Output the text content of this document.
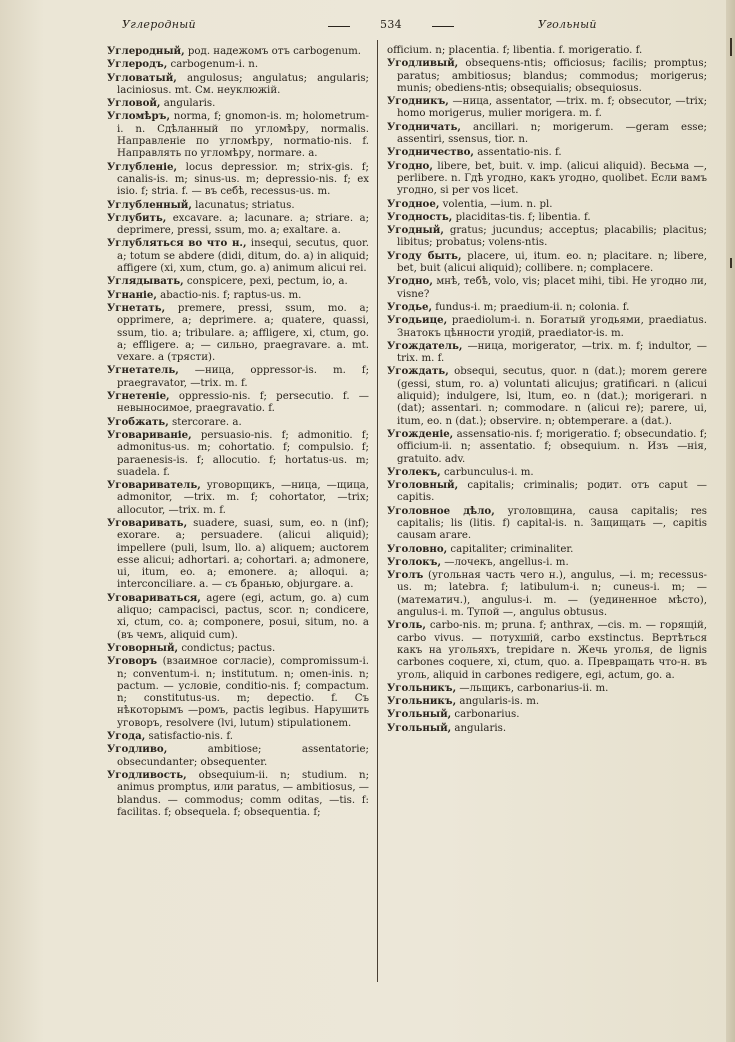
Углеродный	534	Угольный
Углеродный, род. надежомъ отъ carbogenum.
Углеродъ, carbogenum-i. n.
Угловатый, angulosus; angulatus; angularis; laciniosus. mt. См. неуклюжій.
Угловой, angularis.
Угломѣръ, norma, f; gnomon-is. m; holometrum-i. n. Сдѣланный по угломѣру, normalis. Направленіе по угломѣру, normatio-nis. f. Направлять по угломѣру, normare. a.
Углубленіе, locus depressior. m; strix-gis. f; canalis-is. m; sinus-us. m; depressio-nis. f; ex isio. f; stria. f. — въ себѣ, recessus-us. m.
Углубленный, lacunatus; striatus.
Углубить, excavare. a; lacunare. a; striare. a; deprimere, pressi, ssum, mo. a; exaltare. a.
Углубляться во что н., insequi, secutus, quor. a; totum se abdere (didi, ditum, do. a) in aliquid; affigere (xi, xum, ctum, go. a) animum alicui rei.
Углядывать, conspicere, pexi, pectum, io, a.
Угнаніе, abactio-nis. f; raptus-us. m.
Угнетать, premere, pressi, ssum, mo. a; opprimere, a; deprimere. a; quatere, quassi, ssum, tio. a; tribulare. a; affligere, xi, ctum, go. a; effligere. a; — сильно, praegravare. a. mt. vexare. a (трясти).
Угнетатель, —ница, oppressor-is. m. f; praegravator, —trix. m. f.
Угнетеніе, oppressio-nis. f; persecutio. f. — невыносимое, praegravatio. f.
Угобжать, stercorare. a.
Уговариваніе, persuasio-nis. f; admonitio. f; admonitus-us. m; cohortatio. f; compulsio. f; paraenesis-is. f; allocutio. f; hortatus-us. m; suadela. f.
Уговариватель, уговорщикъ, —ница, —щица, admonitor, —trix. m. f; cohortator, —trix; allocutor, —trix. m. f.
Уговаривать, suadere, suasi, sum, eo. n (inf); exorare. a; persuadere. (alicui aliquid); impellere (puli, lsum, llo. a) aliquem; auctorem esse alicui; adhortari. a; cohortari. a; admonere, ui, itum, eo. a; emonere. a; alloqui. a; interconciliare. a. — съ бранью, objurgare. a.
Уговариваться, agere (egi, actum, go. a) cum aliquo; campaciscі, pactus, scor. n; condicere, xi, ctum, co. a; componere, posui, situm, no. a (въ чемъ, aliquid cum).
Уговорный, condictus; pactus.
Уговоръ (взаимное согласіе), compromissum-i. n; conventum-i. n; institutum. n; omen-inis. n; pactum. — условіе, conditio-nis. f; compactum. n; constitutus-us. m; depectio. f. Съ нѣкоторымъ —ромъ, pactis legibus. Нарушить уговоръ, resolvere (lvi, lutum) stipulationem.
Угода, satisfactio-nis. f.
Угодливо, ambitiose; assentatorie; obsecundanter; obsequenter.
Угодливость, obsequium-ii. n; studium. n; animus promptus, или paratus, — ambitiosus, — blandus. — commodus; comm oditas, —tis. f: facilitas. f; obsequela. f; obsequentia. f;
officium. n; placentia. f; libentia. f. morigeratio. f.
Угодливый, obsequens-ntis; officiosus; facilis; promptus; paratus; ambitiosus; blandus; commodus; morigerus; munis; obediens-ntis; obsequialis; obsequiosus.
Угодникъ, —ница, assentator, —trix. m. f; obsecutor, —trix; homo morigerus, mulier morigera. m. f.
Угодничать, ancillari. n; morigerum. —geram esse; assentiri, ssensus, tior. n.
Угодничество, assentatio-nis. f.
Угодно, libere, bet, buit. v. imp. (alicui aliquid). Весьма —, perlibere. n. Гдѣ угодно, какъ угодно, quolibet. Если вамъ угодно, si per vos licet.
Угодное, volentia, —ium. n. pl.
Угодность, placiditas-tis. f; libentia. f.
Угодный, gratus; jucundus; acceptus; placabilis; placitus; libitus; probatus; volens-ntis.
Угоду быть, placere, ui, itum. eo. n; placitare. n; libere, bet, buit (alicui aliquid); collibere. n; complacere.
Угодно, мнѣ, тебѣ, volo, vis; placet mihi, tibi. Не угодно ли, visne?
Угодье, fundus-i. m; praedium-ii. n; colonia. f.
Угодьице, praediolum-i. n. Богатый угодьями, praediatus. Знатокъ цѣнности угодій, praediator-is. m.
Угождатель, —ница, morigerator, —trix. m. f; indultor, —trix. m. f.
Угождать, obsequi, secutus, quor. n (dat.); morem gerere (gessi, stum, ro. a) voluntati alicujus; gratificari. n (alicui aliquid); indulgere, lsi, ltum, eo. n (dat.); morigerari. n (dat); assentari. n; commodare. n (alicui re); parere, ui, itum, eo. n (dat.); observire. n; obtemperare. a (dat.).
Угожденіе, assensatio-nis. f; morigeratio. f; obsecundatio. f; officium-ii. n; assentatio. f; obsequium. n. Изъ —нія, gratuito. adv.
Уголекъ, carbunculus-i. m.
Уголовный, capitalis; criminalis; родит. отъ caput — capitis.
Уголовное дѣло, уголовщина, causa capitalis; res capitalis; lis (litis. f) capital-is. n. Защищать —, capitis causam агare.
Уголовно, capitaliter; criminaliter.
Уголокъ, —лочекъ, angellus-i. m.
Уголъ (угольная часть чего н.), angulus, —i. m; recessus-us. m; latebra. f; latibulum-i. n; cuneus-i. m; — (математич.), angulus-i. m. — (уединенное мѣсто), angulus-i. m. Тупой —, angulus obtusus.
Уголь, carbo-nis. m; pruna. f; anthrax, —cis. m. — горящій, carbo vivus. — потухшій, carbo exstinctus. Вертѣться какъ на угольяхъ, trepidare n. Жечь уголья, de lignis carbones coquere, xi, ctum, quo. a. Превращать что-н. въ уголь, aliquid in carbones redigere, egi, actum, go. a.
Угольникъ, —льщикъ, carbonarius-ii. m.
Угольникъ, angularis-is. m.
Угольный, carbonarius.
Угольный, angularis.
